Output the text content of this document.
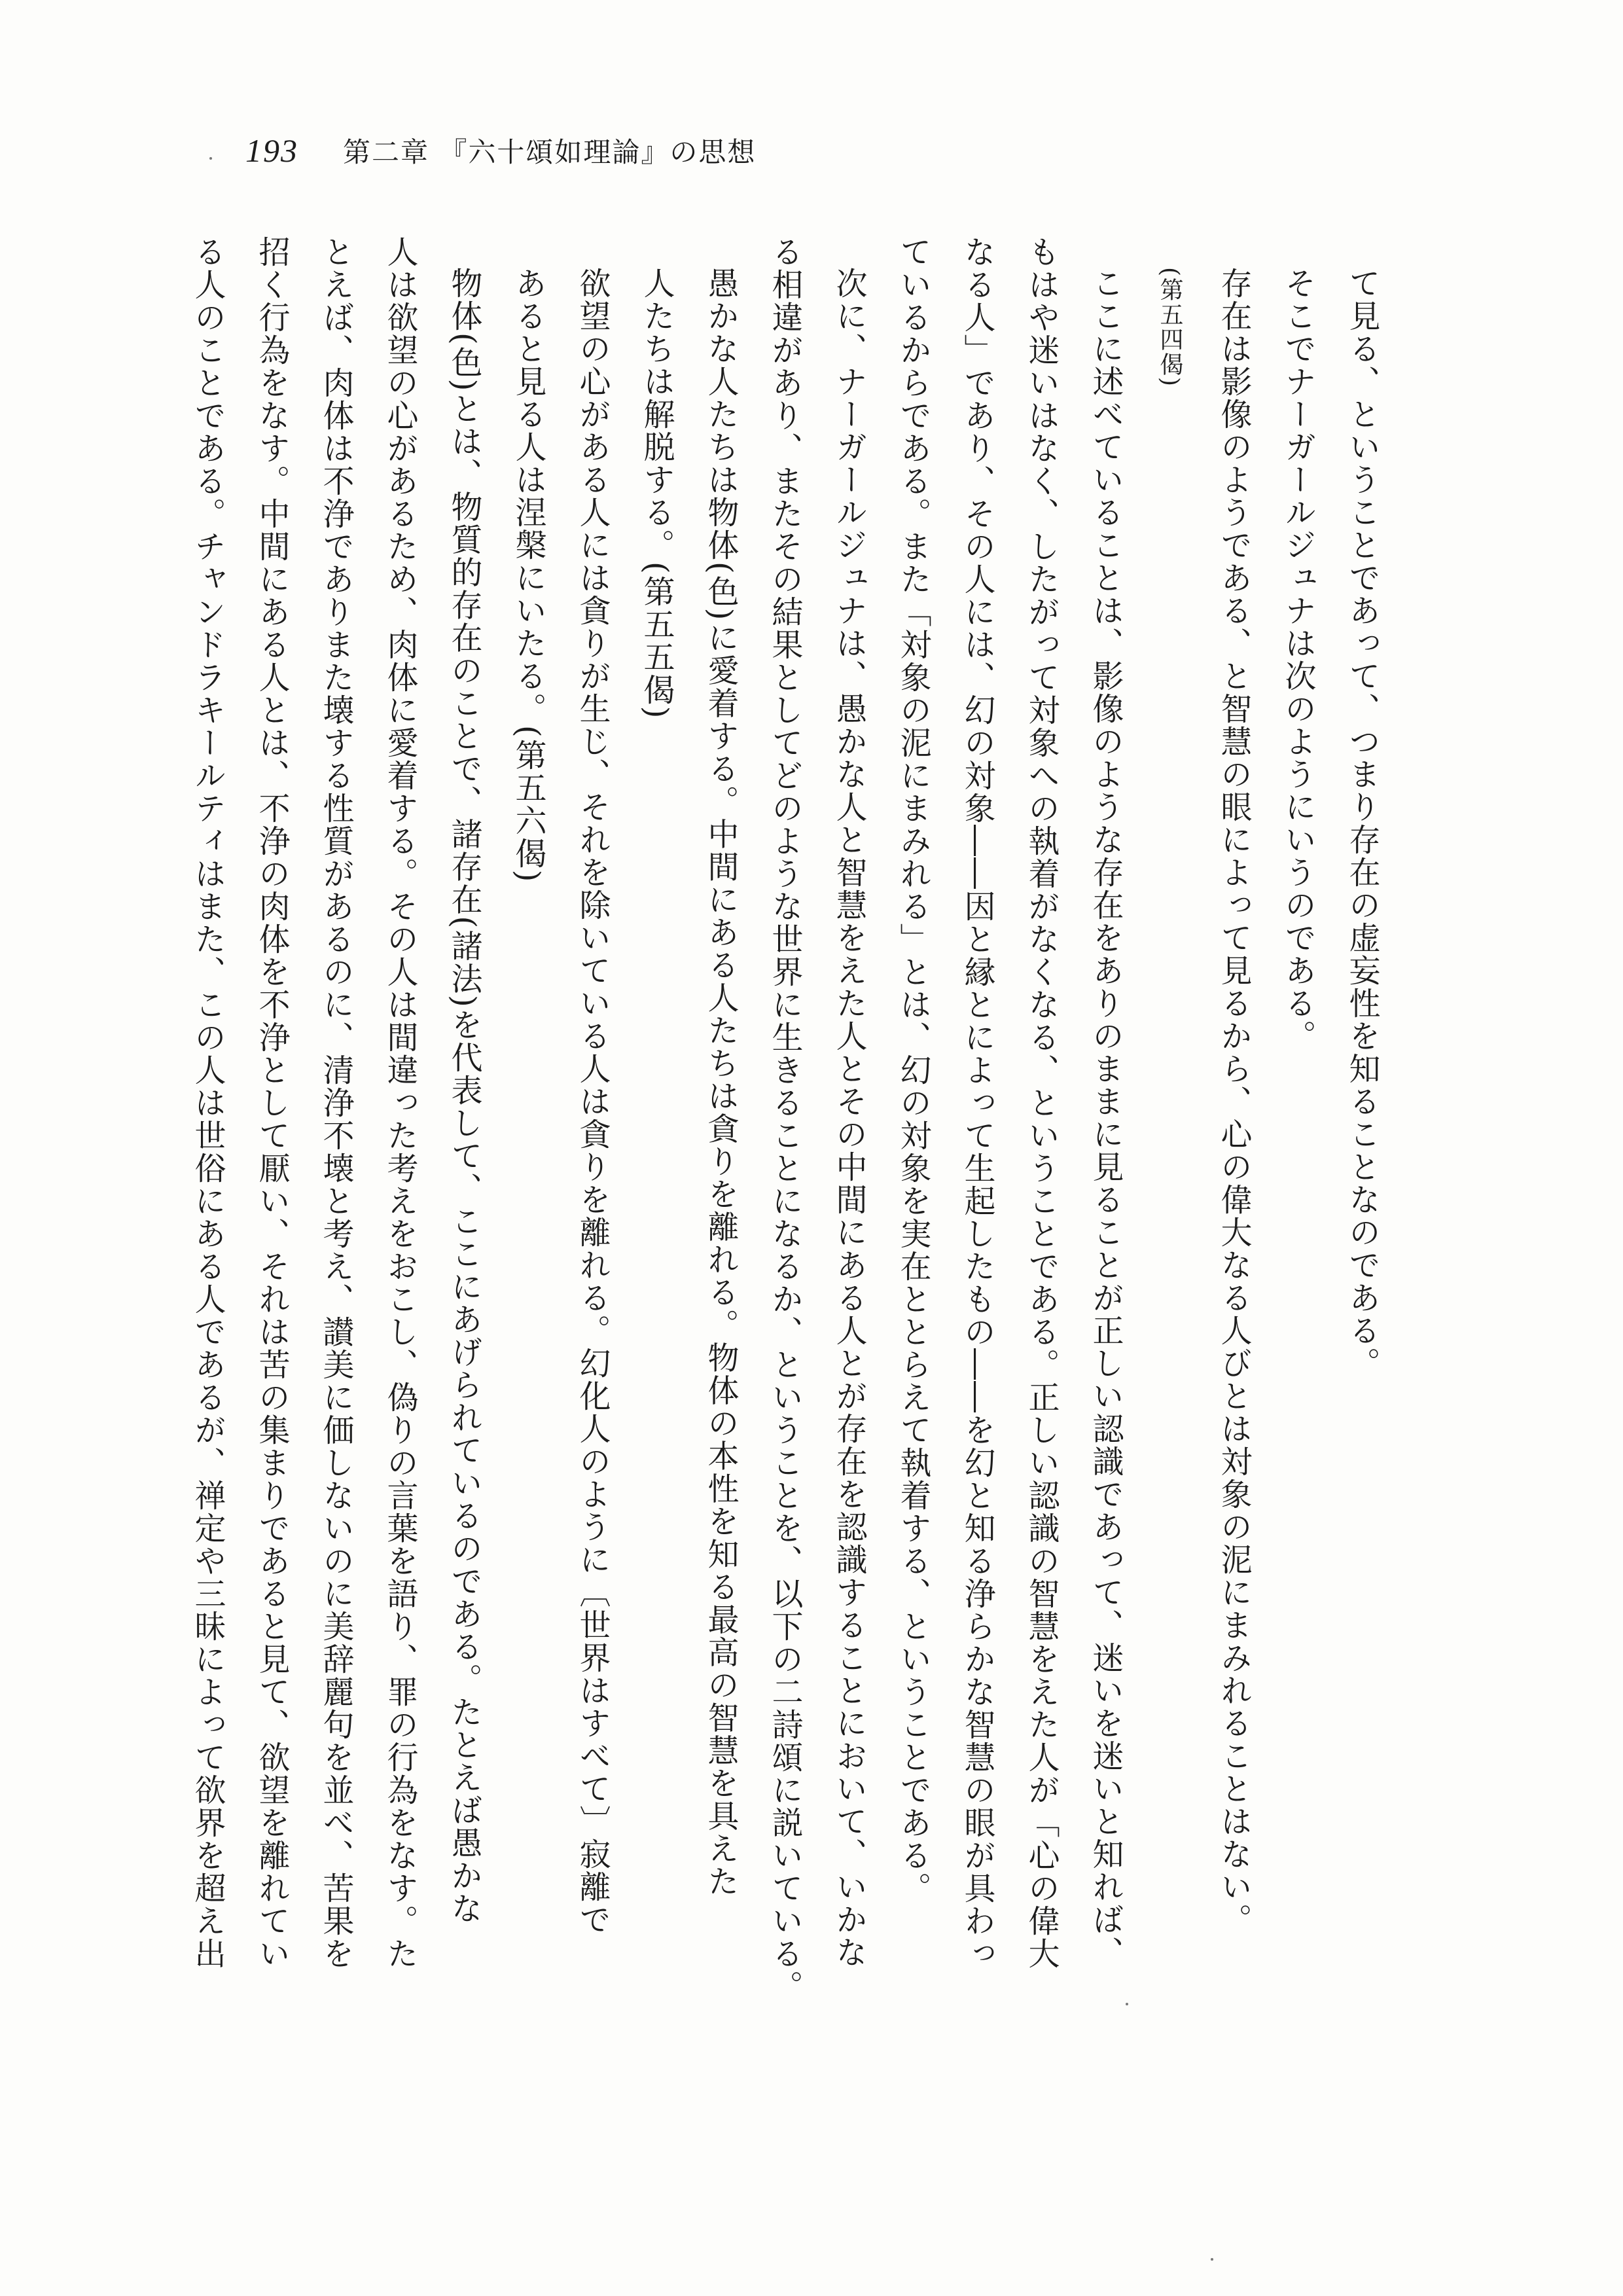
193 第二章 『六十頌如理論』の思想
て見る、ということであって、つまり存在の虚妄性を知ることなのである。
そこでナーガールジュナは次のようにいうのである。
存在は影像のようである、と智慧の眼によって見るから、心の偉大なる人びとは対象の泥にまみれることはない。
(第五四偈)
ここに述べていることは、影像のような存在をありのままに見ることが正しい認識であって、迷いを迷いと知れば、
もはや迷いはなく、したがって対象への執着がなくなる、ということである。正しい認識の智慧をえた人が「心の偉大
なる人」であり、その人には、幻の対象――因と縁とによって生起したもの――を幻と知る浄らかな智慧の眼が具わっ
ているからである。また「対象の泥にまみれる」とは、幻の対象を実在ととらえて執着する、ということである。
次に、ナーガールジュナは、愚かな人と智慧をえた人とその中間にある人とが存在を認識することにおいて、いかな
る相違があり、またその結果としてどのような世界に生きることになるか、ということを、以下の二詩頌に説いている。
愚かな人たちは物体(色)に愛着する。中間にある人たちは貪りを離れる。物体の本性を知る最高の智慧を具えた
人たちは解脱する。(第五五偈)
欲望の心がある人には貪りが生じ、それを除いている人は貪りを離れる。幻化人のように〔世界はすべて〕寂離で
あると見る人は涅槃にいたる。(第五六偈)
物体(色)とは、物質的存在のことで、諸存在(諸法)を代表して、ここにあげられているのである。たとえば愚かな
人は欲望の心があるため、肉体に愛着する。その人は間違った考えをおこし、偽りの言葉を語り、罪の行為をなす。た
とえば、肉体は不浄でありまた壊する性質があるのに、清浄不壊と考え、讃美に価しないのに美辞麗句を並べ、苦果を
招く行為をなす。中間にある人とは、不浄の肉体を不浄として厭い、それは苦の集まりであると見て、欲望を離れてい
る人のことである。チャンドラキールティはまた、この人は世俗にある人であるが、禅定や三昧によって欲界を超え出
